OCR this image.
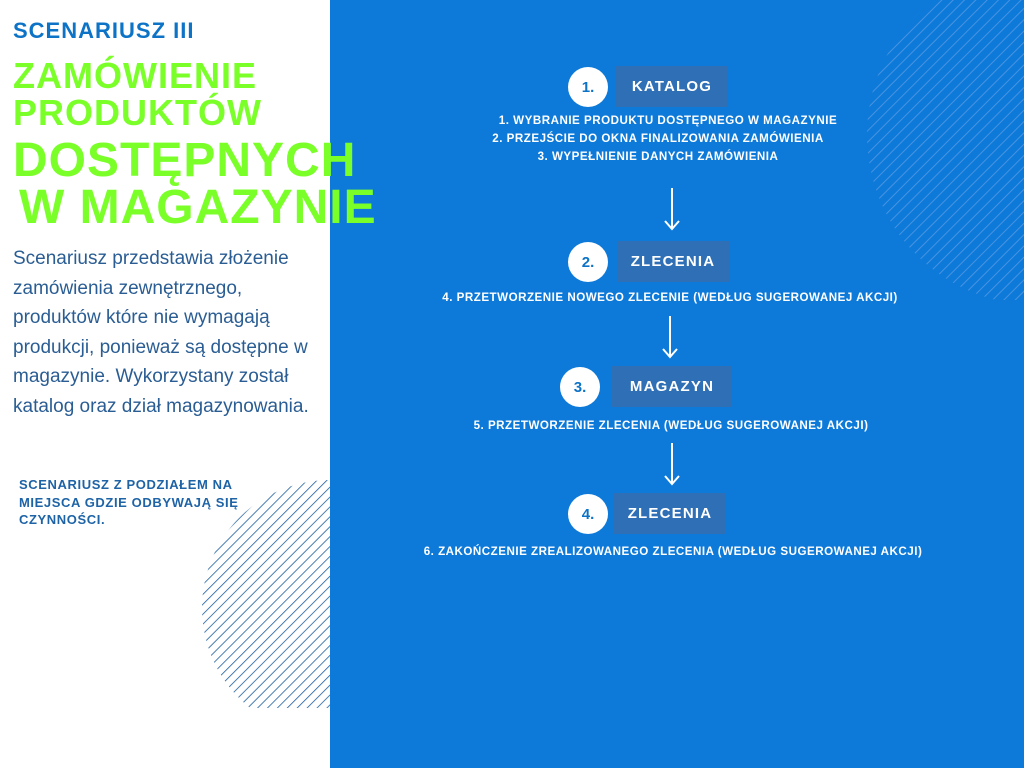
SCENARIUSZ III
ZAMÓWIENIE
PRODUKTÓW
DOSTĘPNYCH
W MAGAZYNIE
Scenariusz przedstawia złożenie zamówienia zewnętrznego, produktów które nie wymagają produkcji, ponieważ są dostępne w magazynie. Wykorzystany został katalog oraz dział magazynowania.
SCENARIUSZ Z PODZIAŁEM NA MIEJSCA GDZIE ODBYWAJĄ SIĘ CZYNNOŚCI.
1.	KATALOG
1. WYBRANIE PRODUKTU DOSTĘPNEGO W MAGAZYNIE
2. PRZEJŚCIE DO OKNA FINALIZOWANIA ZAMÓWIENIA
3. WYPEŁNIENIE DANYCH ZAMÓWIENIA
2.	ZLECENIA
4. PRZETWORZENIE NOWEGO ZLECENIE (WEDŁUG SUGEROWANEJ AKCJI)
3.	MAGAZYN
5. PRZETWORZENIE ZLECENIA (WEDŁUG SUGEROWANEJ AKCJI)
4.	ZLECENIA
6. ZAKOŃCZENIE ZREALIZOWANEGO ZLECENIA (WEDŁUG SUGEROWANEJ AKCJI)
